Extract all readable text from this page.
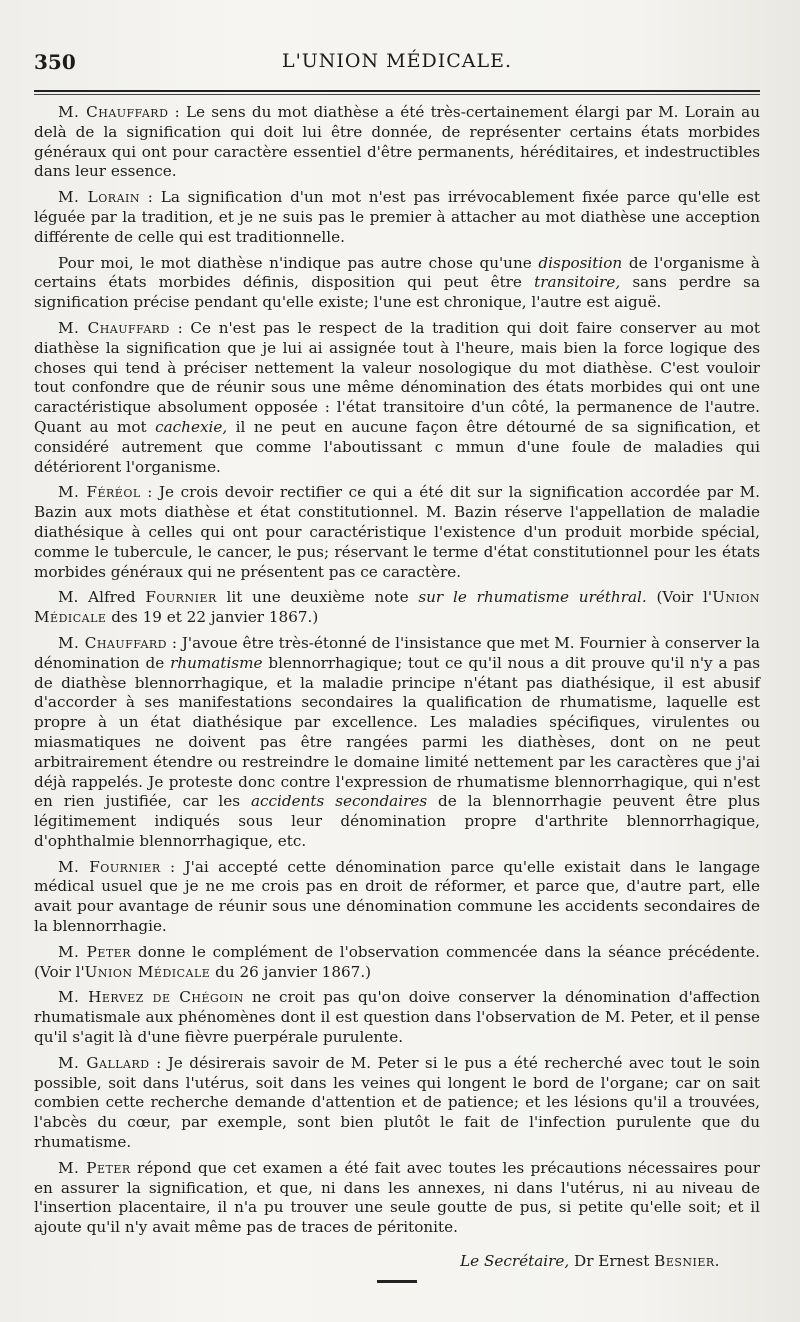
350	L'UNION MÉDICALE.

M. Chauffard : Le sens du mot diathèse a été très-certainement élargi par M. Lorain au delà de la signification qui doit lui être donnée, de représenter certains états morbides généraux qui ont pour caractère essentiel d'être permanents, héréditaires, et indestructibles dans leur essence.

M. Lorain : La signification d'un mot n'est pas irrévocablement fixée parce qu'elle est léguée par la tradition, et je ne suis pas le premier à attacher au mot diathèse une acception différente de celle qui est traditionnelle.

Pour moi, le mot diathèse n'indique pas autre chose qu'une disposition de l'organisme à certains états morbides définis, disposition qui peut être transitoire, sans perdre sa signification précise pendant qu'elle existe; l'une est chronique, l'autre est aiguë.

M. Chauffard : Ce n'est pas le respect de la tradition qui doit faire conserver au mot diathèse la signification que je lui ai assignée tout à l'heure, mais bien la force logique des choses qui tend à préciser nettement la valeur nosologique du mot diathèse. C'est vouloir tout confondre que de réunir sous une même dénomination des états morbides qui ont une caractéristique absolument opposée : l'état transitoire d'un côté, la permanence de l'autre. Quant au mot cachexie, il ne peut en aucune façon être détourné de sa signification, et considéré autrement que comme l'aboutissant c mmun d'une foule de maladies qui détériorent l'organisme.

M. Féréol : Je crois devoir rectifier ce qui a été dit sur la signification accordée par M. Bazin aux mots diathèse et état constitutionnel. M. Bazin réserve l'appellation de maladie diathésique à celles qui ont pour caractéristique l'existence d'un produit morbide spécial, comme le tubercule, le cancer, le pus; réservant le terme d'état constitutionnel pour les états morbides généraux qui ne présentent pas ce caractère.

M. Alfred Fournier lit une deuxième note sur le rhumatisme uréthral. (Voir l'Union Médicale des 19 et 22 janvier 1867.)

M. Chauffard : J'avoue être très-étonné de l'insistance que met M. Fournier à conserver la dénomination de rhumatisme blennorrhagique; tout ce qu'il nous a dit prouve qu'il n'y a pas de diathèse blennorrhagique, et la maladie principe n'étant pas diathésique, il est abusif d'accorder à ses manifestations secondaires la qualification de rhumatisme, laquelle est propre à un état diathésique par excellence. Les maladies spécifiques, virulentes ou miasmatiques ne doivent pas être rangées parmi les diathèses, dont on ne peut arbitrairement étendre ou restreindre le domaine limité nettement par les caractères que j'ai déjà rappelés. Je proteste donc contre l'expression de rhumatisme blennorrhagique, qui n'est en rien justifiée, car les accidents secondaires de la blennorrhagie peuvent être plus légitimement indiqués sous leur dénomination propre d'arthrite blennorrhagique, d'ophthalmie blennorrhagique, etc.

M. Fournier : J'ai accepté cette dénomination parce qu'elle existait dans le langage médical usuel que je ne me crois pas en droit de réformer, et parce que, d'autre part, elle avait pour avantage de réunir sous une dénomination commune les accidents secondaires de la blennorrhagie.

M. Peter donne le complément de l'observation commencée dans la séance précédente. (Voir l'Union Médicale du 26 janvier 1867.)

M. Hervez de Chégoin ne croit pas qu'on doive conserver la dénomination d'affection rhumatismale aux phénomènes dont il est question dans l'observation de M. Peter, et il pense qu'il s'agit là d'une fièvre puerpérale purulente.

M. Gallard : Je désirerais savoir de M. Peter si le pus a été recherché avec tout le soin possible, soit dans l'utérus, soit dans les veines qui longent le bord de l'organe; car on sait combien cette recherche demande d'attention et de patience; et les lésions qu'il a trouvées, l'abcès du cœur, par exemple, sont bien plutôt le fait de l'infection purulente que du rhumatisme.

M. Peter répond que cet examen a été fait avec toutes les précautions nécessaires pour en assurer la signification, et que, ni dans les annexes, ni dans l'utérus, ni au niveau de l'insertion placentaire, il n'a pu trouver une seule goutte de pus, si petite qu'elle soit; et il ajoute qu'il n'y avait même pas de traces de péritonite.

Le Secrétaire, Dr Ernest Besnier.
